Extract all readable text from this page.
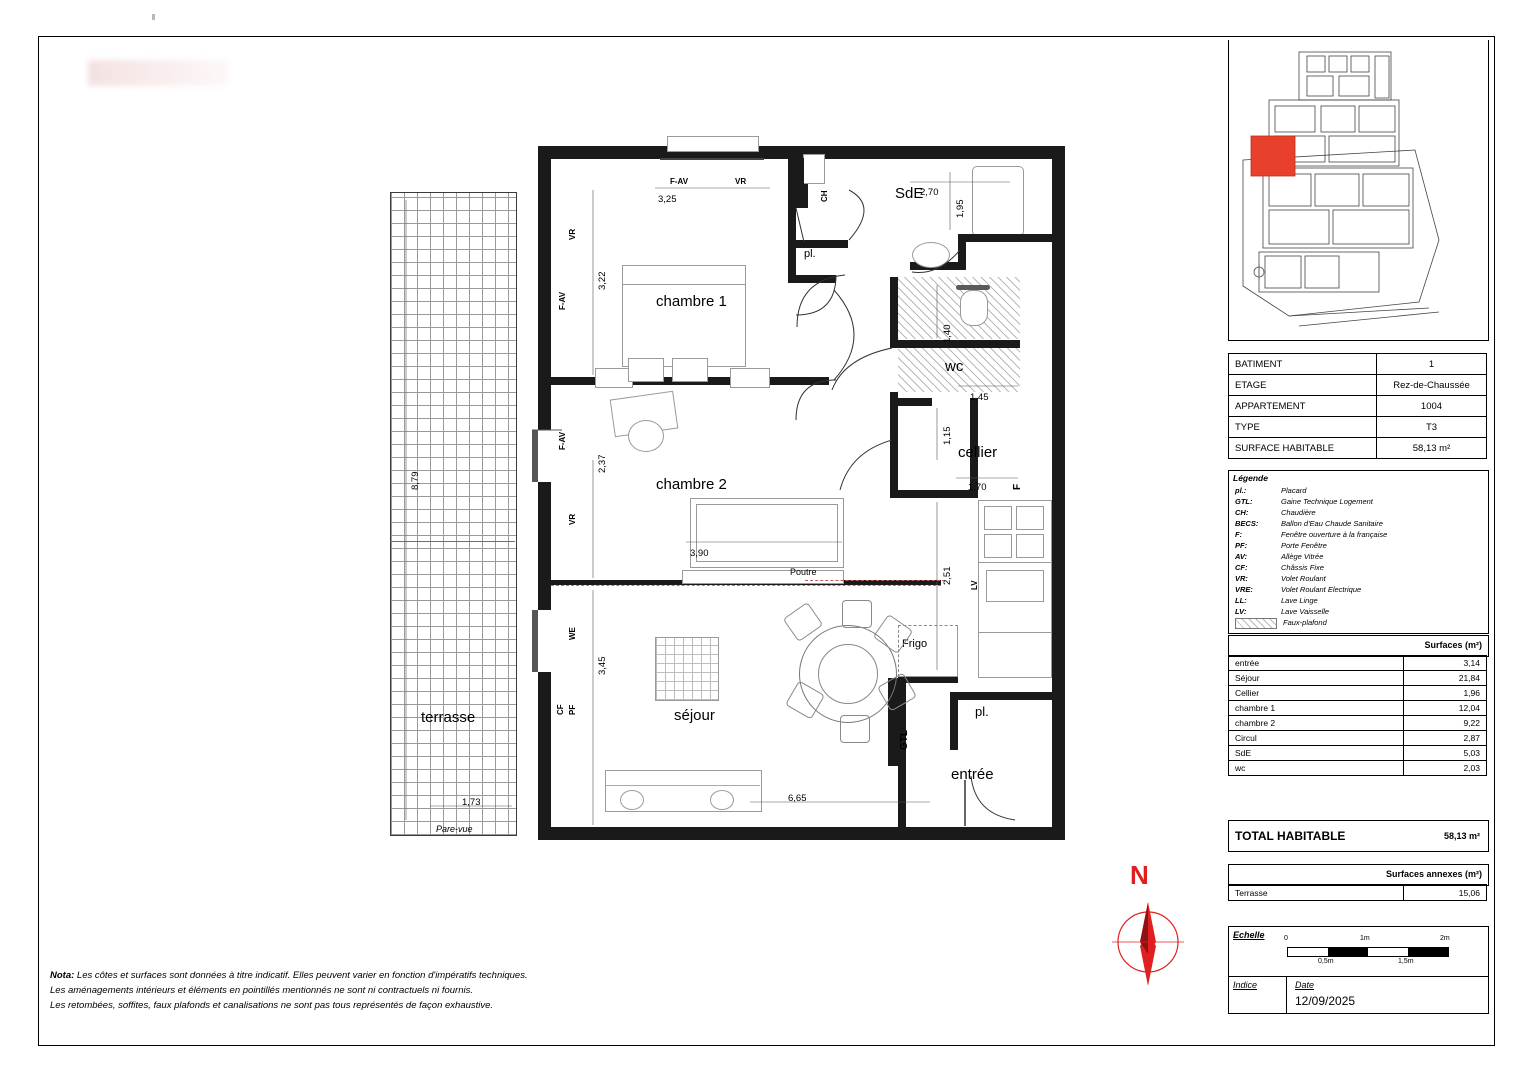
CH
LV
Frigo
GTL
pl.
Poutre
chambre 1
chambre 2
séjour
terrasse
entrée
SdE
wc
cellier
pl.
Pare-vue
3,25
3,22
3,90
2,37
6,65
3,45
8,79
1,73
2,70
1,95
1,40
1,45
1,15
1,70
2,51
F-AV	VR
VR
F-AV
F-AV
VR
WE
PF
CF
F
BATIMENT	1
ETAGE	Rez-de-Chaussée
APPARTEMENT	1004
TYPE	T3
SURFACE HABITABLE	58,13 m²
Légende
pl.:	Placard
GTL:	Gaine Technique Logement
CH:	Chaudière
BECS:	Ballon d'Eau Chaude Sanitaire
F:	Fenêtre ouverture à la française
PF:	Porte Fenêtre
AV:	Allège Vitrée
CF:	Châssis Fixe
VR:	Volet Roulant
VRE:	Volet Roulant Electrique
LL:	Lave Linge
LV:	Lave Vaisselle
Faux-plafond
Surfaces (m²)
entrée	3,14
Séjour	21,84
Cellier	1,96
chambre 1	12,04
chambre 2	9,22
Circul	2,87
SdE	5,03
wc	2,03
TOTAL HABITABLE	58,13 m²
Surfaces annexes (m²)
Terrasse	15,06
Echelle	0	1m	2m
0,5m	1,5m
Indice	Date
12/09/2025
N
Nota: Les côtes et surfaces sont données à titre indicatif. Elles peuvent varier en fonction d'impératifs techniques.
Les aménagements intérieurs et éléments en pointillés mentionnés ne sont ni contractuels ni fournis.
Les retombées, soffites, faux plafonds et canalisations ne sont pas tous représentés de façon exhaustive.
